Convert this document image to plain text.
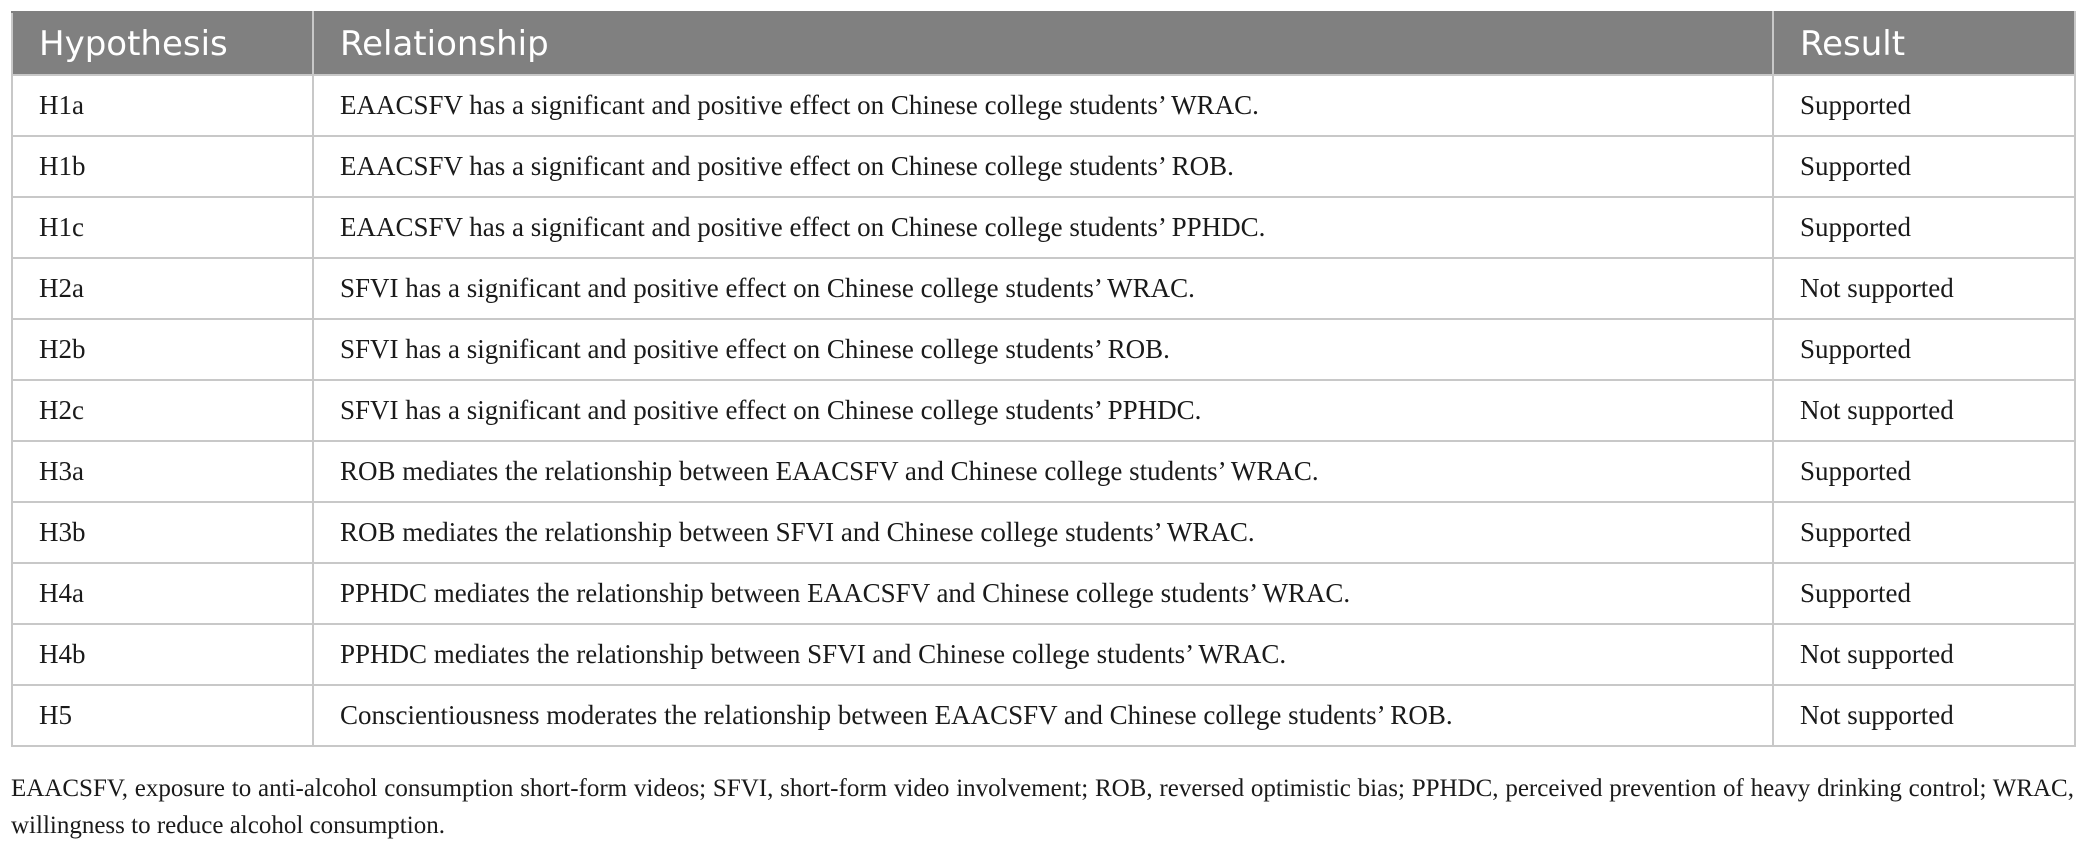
Hypothesis	Relationship	Result
H1a	EAACSFV has a significant and positive effect on Chinese college students’ WRAC.	Supported
H1b	EAACSFV has a significant and positive effect on Chinese college students’ ROB.	Supported
H1c	EAACSFV has a significant and positive effect on Chinese college students’ PPHDC.	Supported
H2a	SFVI has a significant and positive effect on Chinese college students’ WRAC.	Not supported
H2b	SFVI has a significant and positive effect on Chinese college students’ ROB.	Supported
H2c	SFVI has a significant and positive effect on Chinese college students’ PPHDC.	Not supported
H3a	ROB mediates the relationship between EAACSFV and Chinese college students’ WRAC.	Supported
H3b	ROB mediates the relationship between SFVI and Chinese college students’ WRAC.	Supported
H4a	PPHDC mediates the relationship between EAACSFV and Chinese college students’ WRAC.	Supported
H4b	PPHDC mediates the relationship between SFVI and Chinese college students’ WRAC.	Not supported
H5	Conscientiousness moderates the relationship between EAACSFV and Chinese college students’ ROB.	Not supported
EAACSFV, exposure to anti-alcohol consumption short-form videos; SFVI, short-form video involvement; ROB, reversed optimistic bias; PPHDC, perceived prevention of heavy drinking control; WRAC, willingness to reduce alcohol consumption.
